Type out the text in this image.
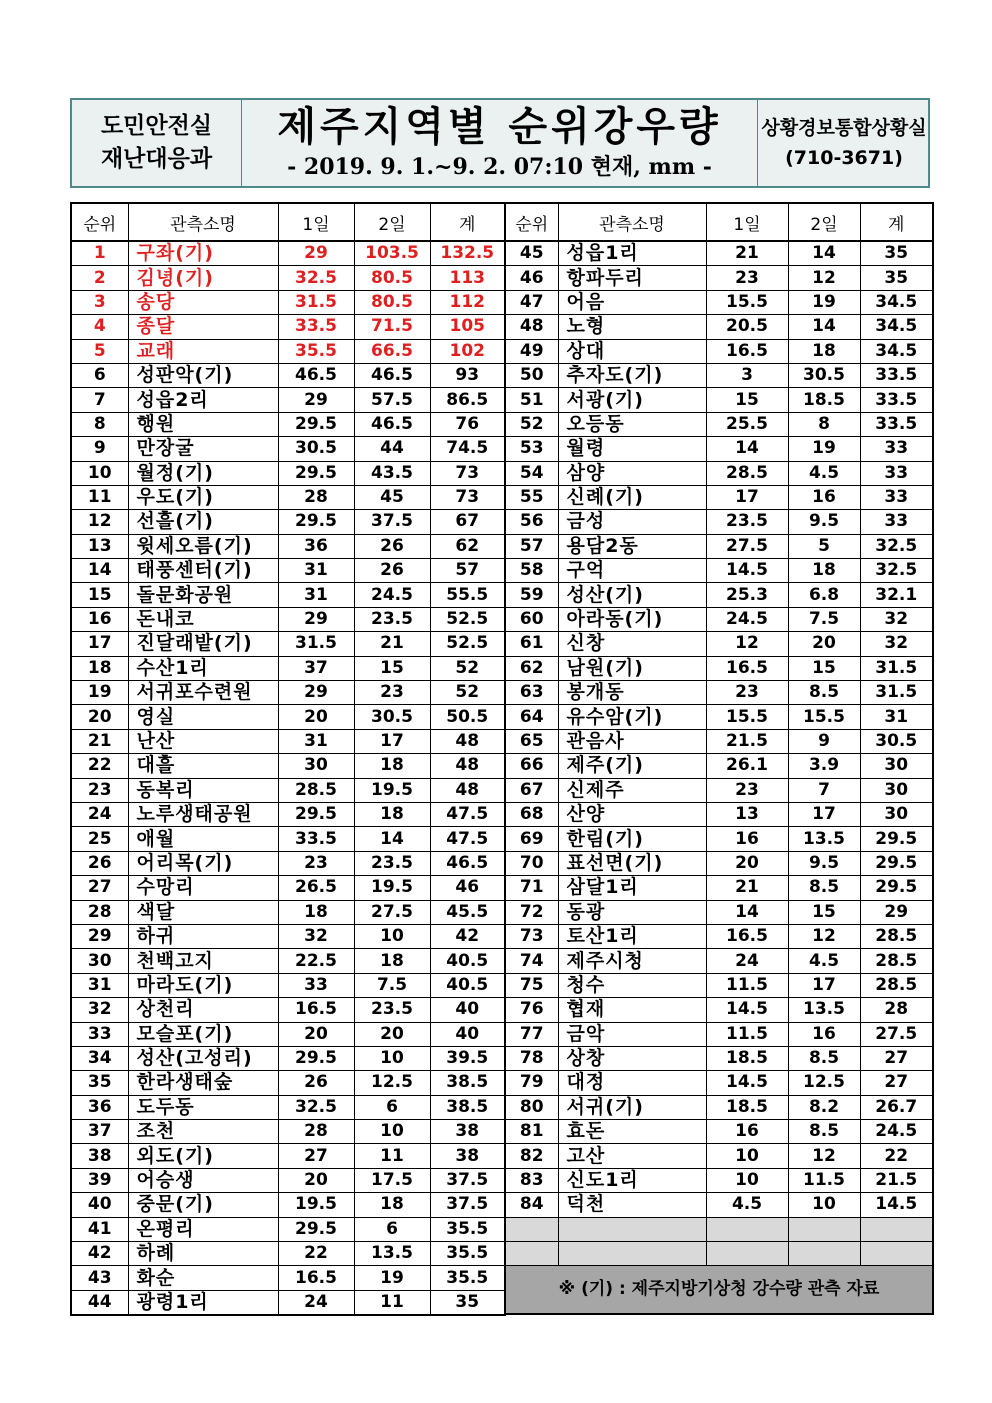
도민안전실
재난대응과
제주지역별 순위강우량
- 2019. 9. 1.~9. 2. 07:10 현재, mm -
상황경보통합상황실
(710-3671)
순위	관측소명	1일	2일	계
1	구좌(기)	29	103.5	132.5
2	김녕(기)	32.5	80.5	113
3	송당	31.5	80.5	112
4	종달	33.5	71.5	105
5	교래	35.5	66.5	102
6	성판악(기)	46.5	46.5	93
7	성읍2리	29	57.5	86.5
8	행원	29.5	46.5	76
9	만장굴	30.5	44	74.5
10	월정(기)	29.5	43.5	73
11	우도(기)	28	45	73
12	선흘(기)	29.5	37.5	67
13	윗세오름(기)	36	26	62
14	태풍센터(기)	31	26	57
15	돌문화공원	31	24.5	55.5
16	돈내코	29	23.5	52.5
17	진달래밭(기)	31.5	21	52.5
18	수산1리	37	15	52
19	서귀포수련원	29	23	52
20	영실	20	30.5	50.5
21	난산	31	17	48
22	대흘	30	18	48
23	동복리	28.5	19.5	48
24	노루생태공원	29.5	18	47.5
25	애월	33.5	14	47.5
26	어리목(기)	23	23.5	46.5
27	수망리	26.5	19.5	46
28	색달	18	27.5	45.5
29	하귀	32	10	42
30	천백고지	22.5	18	40.5
31	마라도(기)	33	7.5	40.5
32	상천리	16.5	23.5	40
33	모슬포(기)	20	20	40
34	성산(고성리)	29.5	10	39.5
35	한라생태숲	26	12.5	38.5
36	도두동	32.5	6	38.5
37	조천	28	10	38
38	외도(기)	27	11	38
39	어승생	20	17.5	37.5
40	중문(기)	19.5	18	37.5
41	온평리	29.5	6	35.5
42	하례	22	13.5	35.5
43	화순	16.5	19	35.5
44	광령1리	24	11	35
순위	관측소명	1일	2일	계
45	성읍1리	21	14	35
46	항파두리	23	12	35
47	어음	15.5	19	34.5
48	노형	20.5	14	34.5
49	상대	16.5	18	34.5
50	추자도(기)	3	30.5	33.5
51	서광(기)	15	18.5	33.5
52	오등동	25.5	8	33.5
53	월령	14	19	33
54	삼양	28.5	4.5	33
55	신례(기)	17	16	33
56	금성	23.5	9.5	33
57	용담2동	27.5	5	32.5
58	구억	14.5	18	32.5
59	성산(기)	25.3	6.8	32.1
60	아라동(기)	24.5	7.5	32
61	신창	12	20	32
62	남원(기)	16.5	15	31.5
63	봉개동	23	8.5	31.5
64	유수암(기)	15.5	15.5	31
65	관음사	21.5	9	30.5
66	제주(기)	26.1	3.9	30
67	신제주	23	7	30
68	산양	13	17	30
69	한림(기)	16	13.5	29.5
70	표선면(기)	20	9.5	29.5
71	삼달1리	21	8.5	29.5
72	동광	14	15	29
73	토산1리	16.5	12	28.5
74	제주시청	24	4.5	28.5
75	청수	11.5	17	28.5
76	협재	14.5	13.5	28
77	금악	11.5	16	27.5
78	상창	18.5	8.5	27
79	대정	14.5	12.5	27
80	서귀(기)	18.5	8.2	26.7
81	효돈	16	8.5	24.5
82	고산	10	12	22
83	신도1리	10	11.5	21.5
84	덕천	4.5	10	14.5

※ (기) : 제주지방기상청 강수량 관측 자료				
